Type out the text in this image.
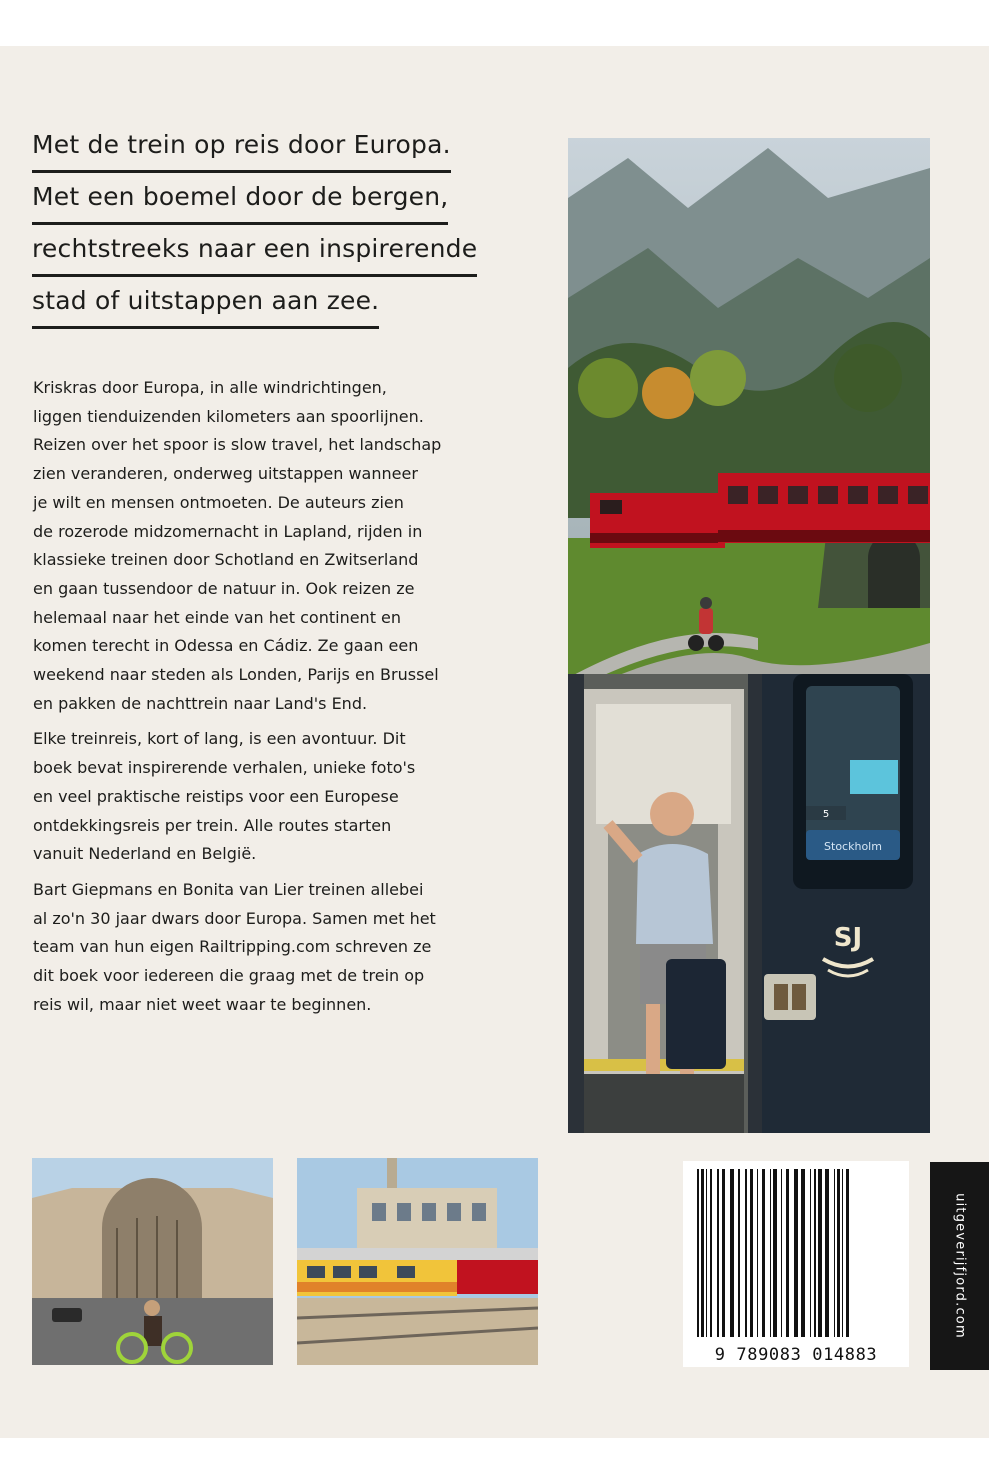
Met de trein op reis door Europa.
Met een boemel door de bergen,
rechtstreeks naar een inspirerende
stad of uitstappen aan zee.

Kriskras door Europa, in alle windrichtingen,
liggen tienduizenden kilometers aan spoorlijnen.
Reizen over het spoor is slow travel, het landschap
zien veranderen, onderweg uitstappen wanneer
je wilt en mensen ontmoeten. De auteurs zien
de rozerode midzomernacht in Lapland, rijden in
klassieke treinen door Schotland en Zwitserland
en gaan tussendoor de natuur in. Ook reizen ze
helemaal naar het einde van het continent en
komen terecht in Odessa en Cádiz. Ze gaan een
weekend naar steden als Londen, Parijs en Brussel
en pakken de nachttrein naar Land's End.

Elke treinreis, kort of lang, is een avontuur. Dit
boek bevat inspirerende verhalen, unieke foto's
en veel praktische reistips voor een Europese
ontdekkingsreis per trein. Alle routes starten
vanuit Nederland en België.

Bart Giepmans en Bonita van Lier treinen allebei
al zo'n 30 jaar dwars door Europa. Samen met het
team van hun eigen Railtripping.com schreven ze
dit boek voor iedereen die graag met de trein op
reis wil, maar niet weet waar te beginnen.

5
Stockholm
SJ
9 789083 014883
uitgeverijfjord.com
